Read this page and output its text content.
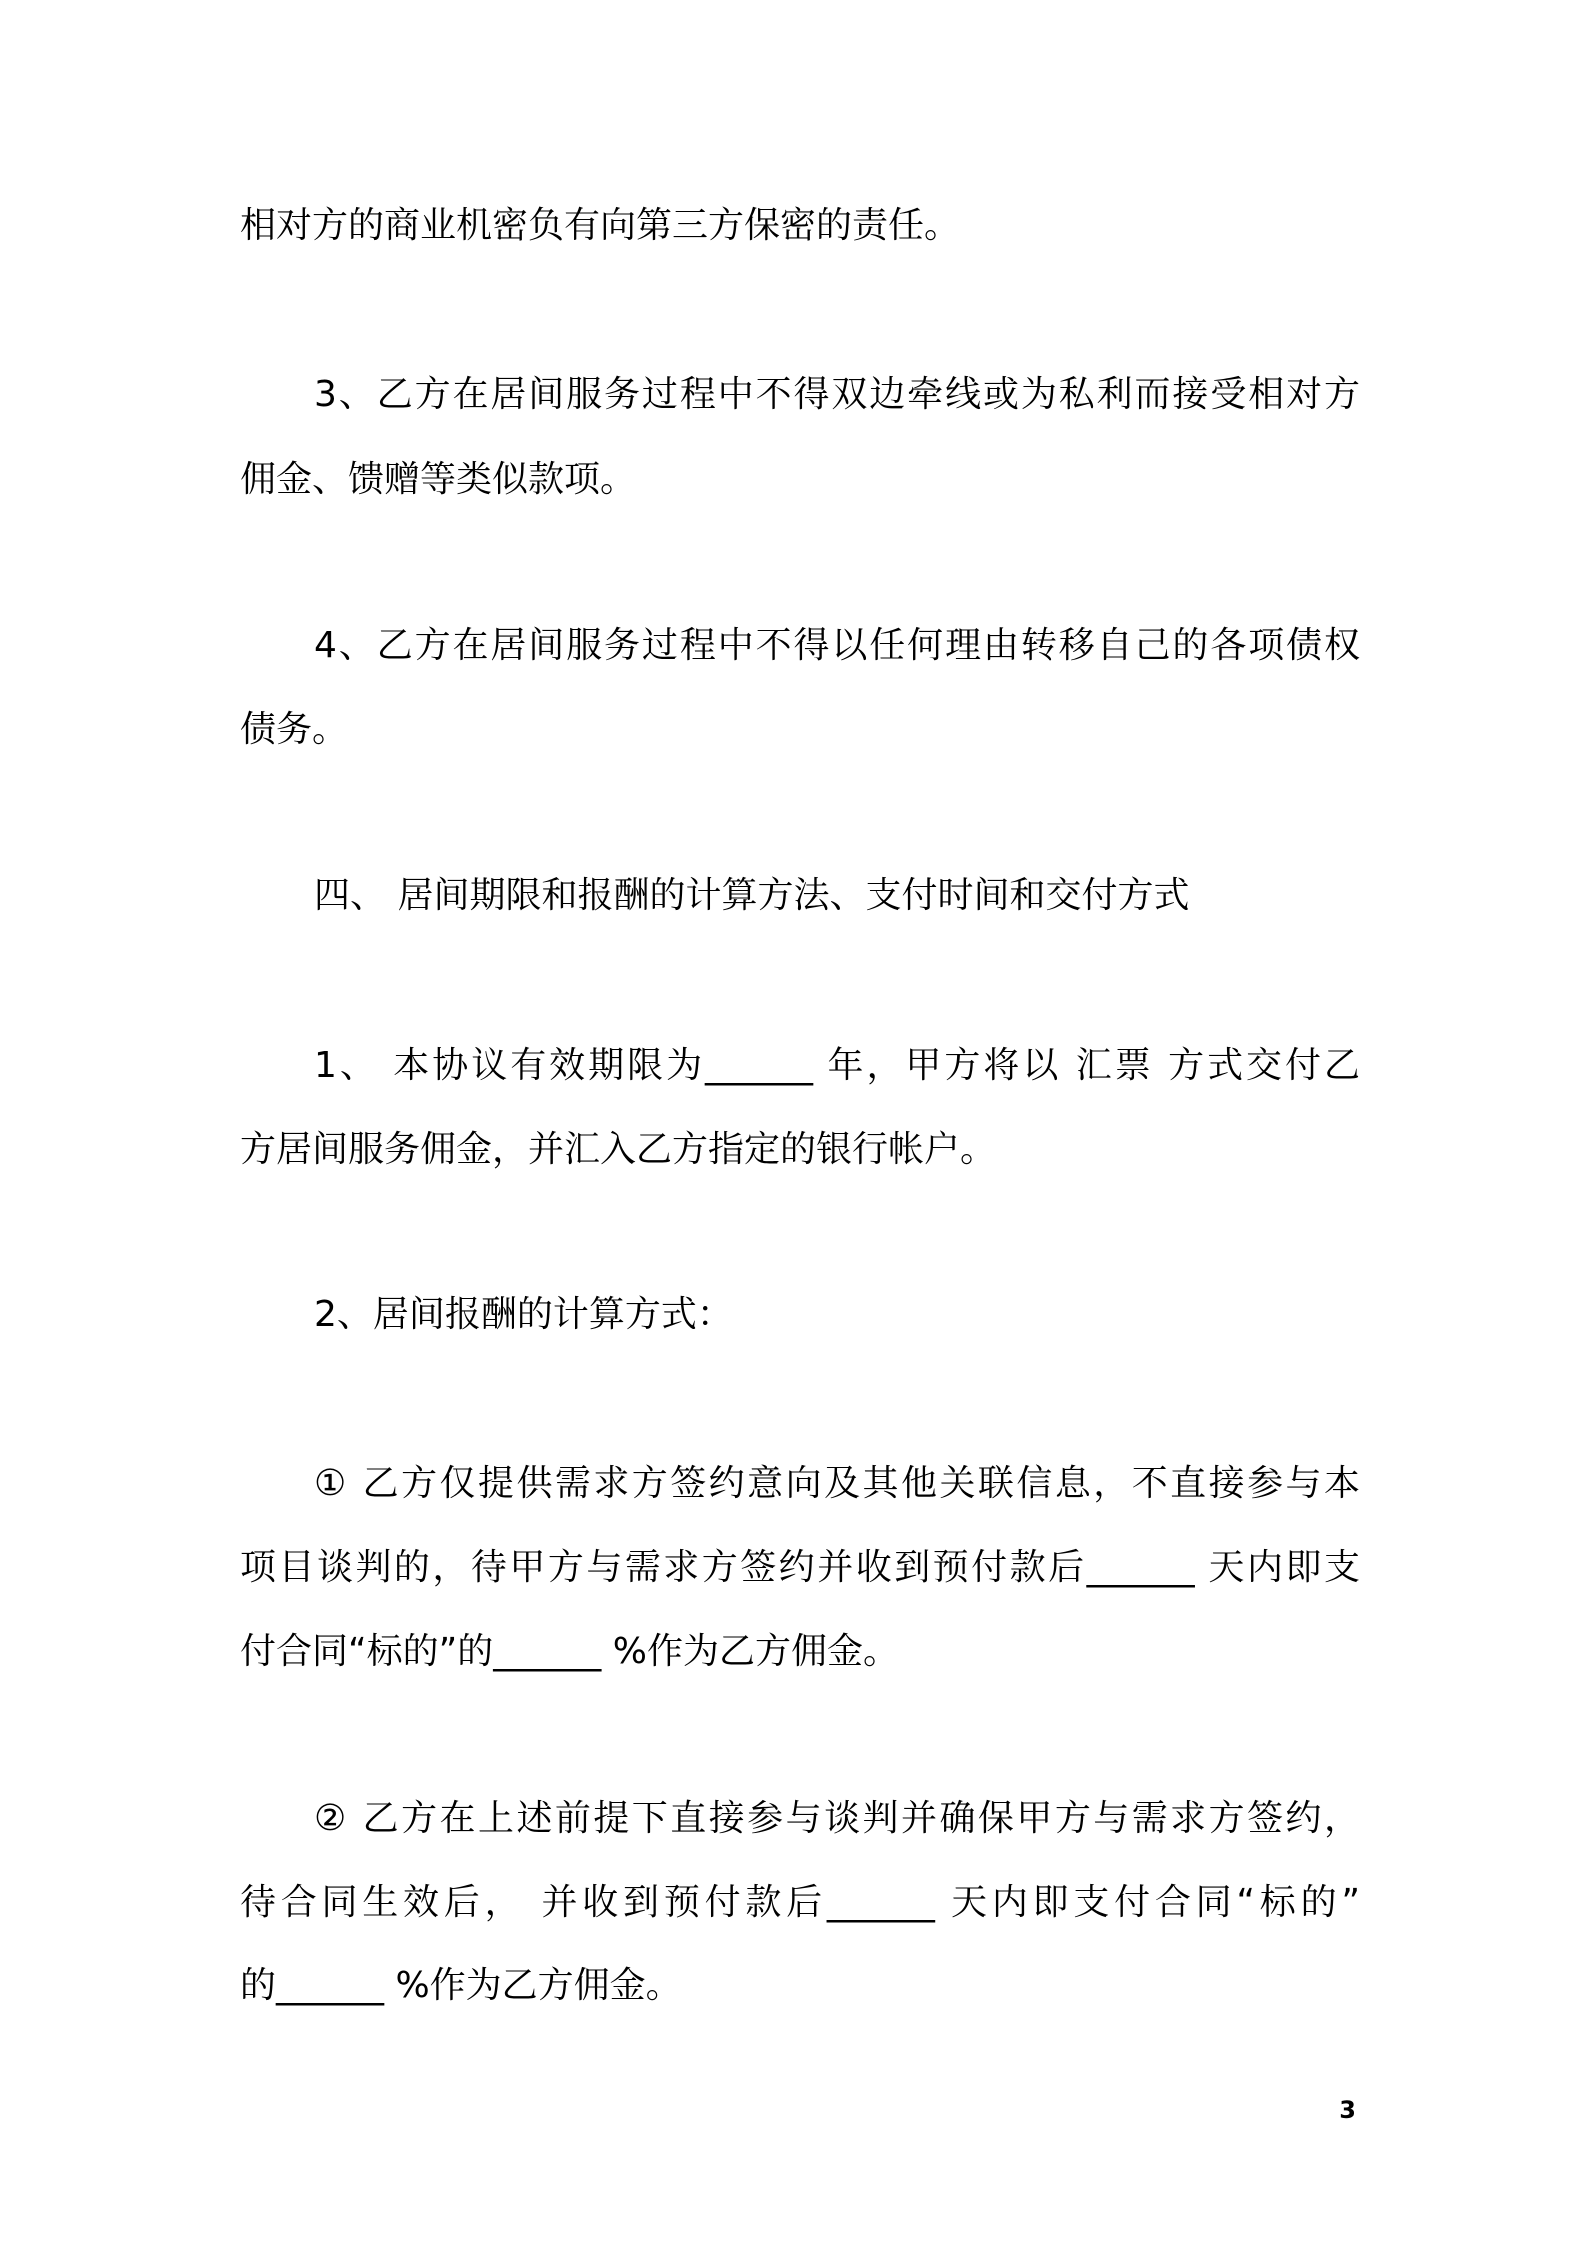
相对方的商业机密负有向第三方保密的责任。
3、乙方在居间服务过程中不得双边牵线或为私利而接受相对方
佣金、馈赠等类似款项。
4、乙方在居间服务过程中不得以任何理由转移自己的各项债权
债务。
四、 居间期限和报酬的计算方法、支付时间和交付方式
1、 本协议有效期限为______ 年，甲方将以 汇票 方式交付乙
方居间服务佣金，并汇入乙方指定的银行帐户。
2、居间报酬的计算方式：
① 乙方仅提供需求方签约意向及其他关联信息，不直接参与本
项目谈判的，待甲方与需求方签约并收到预付款后______ 天内即支
付合同“标的”的______ %作为乙方佣金。
② 乙方在上述前提下直接参与谈判并确保甲方与需求方签约，
待合同生效后， 并收到预付款后______ 天内即支付合同“标的”
的______ %作为乙方佣金。
3
